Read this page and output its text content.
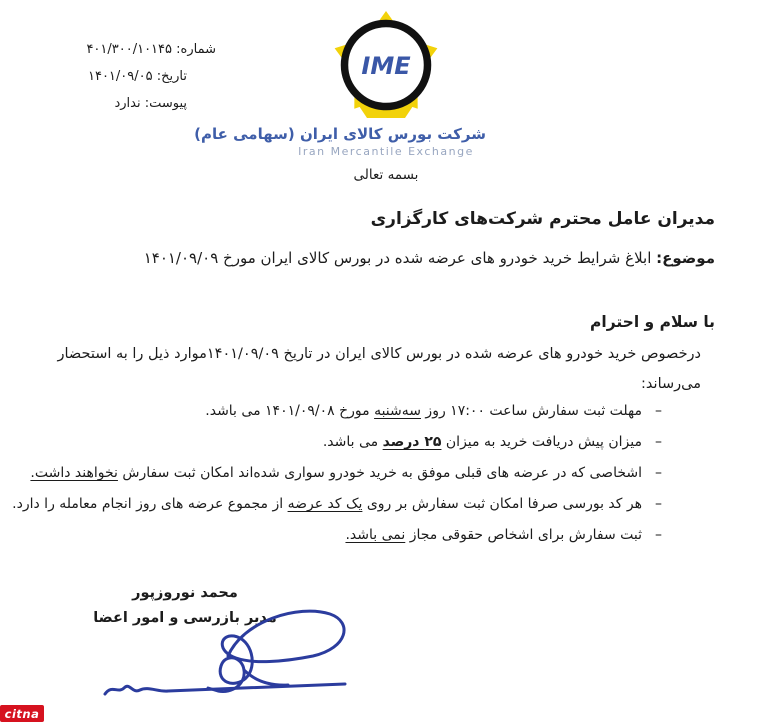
شماره: ۴۰۱/۳۰۰/۱۰۱۴۵
تاریخ: ۱۴۰۱/۰۹/۰۵
پیوست: ندارد
IME
شرکت بورس کالای ایران (سهامی عام)
Iran Mercantile Exchange
بسمه تعالی
مدیران عامل محترم شرکت‌های کارگزاری
موضوع: ابلاغ شرایط خرید خودرو های عرضه شده در بورس کالای ایران مورخ ۱۴۰۱/۰۹/۰۹
با سلام و احترام
درخصوص خرید خودرو های عرضه شده در بورس کالای ایران در تاریخ ۱۴۰۱/۰۹/۰۹موارد ذیل را به استحضار
می‌رساند:
–
مهلت ثبت سفارش ساعت ۱۷:۰۰ روز سه‌شنبه مورخ ۱۴۰۱/۰۹/۰۸ می باشد.
–
میزان پیش دریافت خرید به میزان ۲۵ درصد می باشد.
–
اشخاصی که در عرضه های قبلی موفق به خرید خودرو سواری شده‌اند امکان ثبت سفارش نخواهند داشت.
–
هر کد بورسی صرفا امکان ثبت سفارش بر روی یک کد عرضه از مجموع عرضه های روز انجام معامله را دارد.
–
ثبت سفارش برای اشخاص حقوقی مجاز نمی باشد.
محمد نوروزپور
مدیر بازرسی و امور اعضا
citna
